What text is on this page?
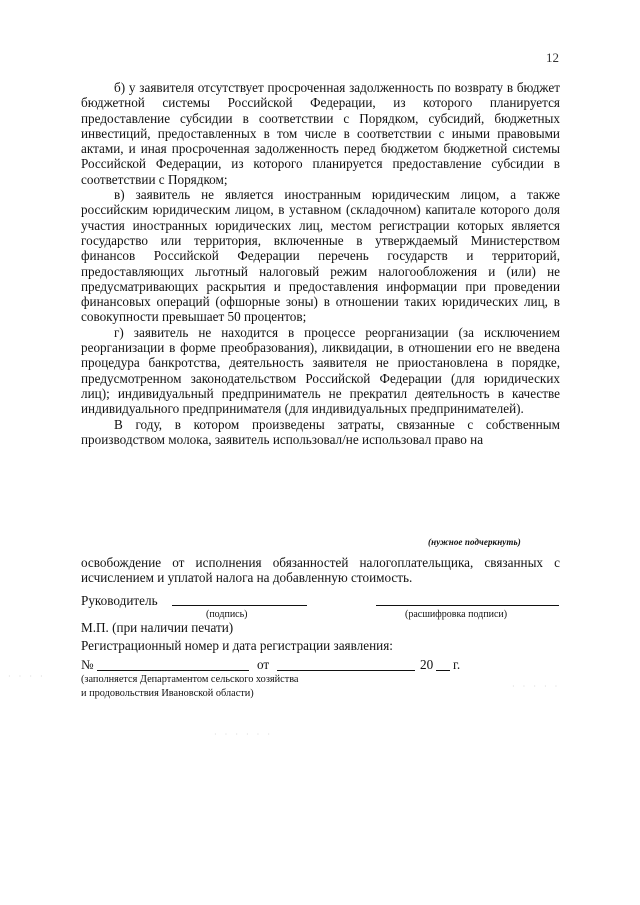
12

б) у заявителя отсутствует просроченная задолженность по возврату в бюджет бюджетной системы Российской Федерации, из которого планируется предоставление субсидии в соответствии с Порядком, субсидий, бюджетных инвестиций, предоставленных в том числе в соответствии с иными правовыми актами, и иная просроченная задолженность перед бюджетом бюджетной системы Российской Федерации, из которого планируется предоставление субсидии в соответствии с Порядком;

в) заявитель не является иностранным юридическим лицом, а также российским юридическим лицом, в уставном (складочном) капитале которого доля участия иностранных юридических лиц, местом регистрации которых является государство или территория, включенные в утверждаемый Министерством финансов Российской Федерации перечень государств и территорий, предоставляющих льготный налоговый режим налогообложения и (или) не предусматривающих раскрытия и предоставления информации при проведении финансовых операций (офшорные зоны) в отношении таких юридических лиц, в совокупности превышает 50 процентов;

г) заявитель не находится в процессе реорганизации (за исключением реорганизации в форме преобразования), ликвидации, в отношении его не введена процедура банкротства, деятельность заявителя не приостановлена в порядке, предусмотренном законодательством Российской Федерации (для юридических лиц); индивидуальный предприниматель не прекратил деятельность в качестве индивидуального предпринимателя (для индивидуальных предпринимателей).

В году, в котором произведены затраты, связанные с собственным производством молока, заявитель использовал/не использовал право на

(нужное подчеркнуть)

освобождение от исполнения обязанностей налогоплательщика, связанных с исчислением и уплатой налога на добавленную стоимость.

Руководитель
(подпись)	(расшифровка подписи)
М.П. (при наличии печати)
Регистрационный номер и дата регистрации заявления:
№	от	20 г.
(заполняется Департаментом сельского хозяйства
и продовольствия Ивановской области)
· · · ·
· · · · ·
· · · · · ·
